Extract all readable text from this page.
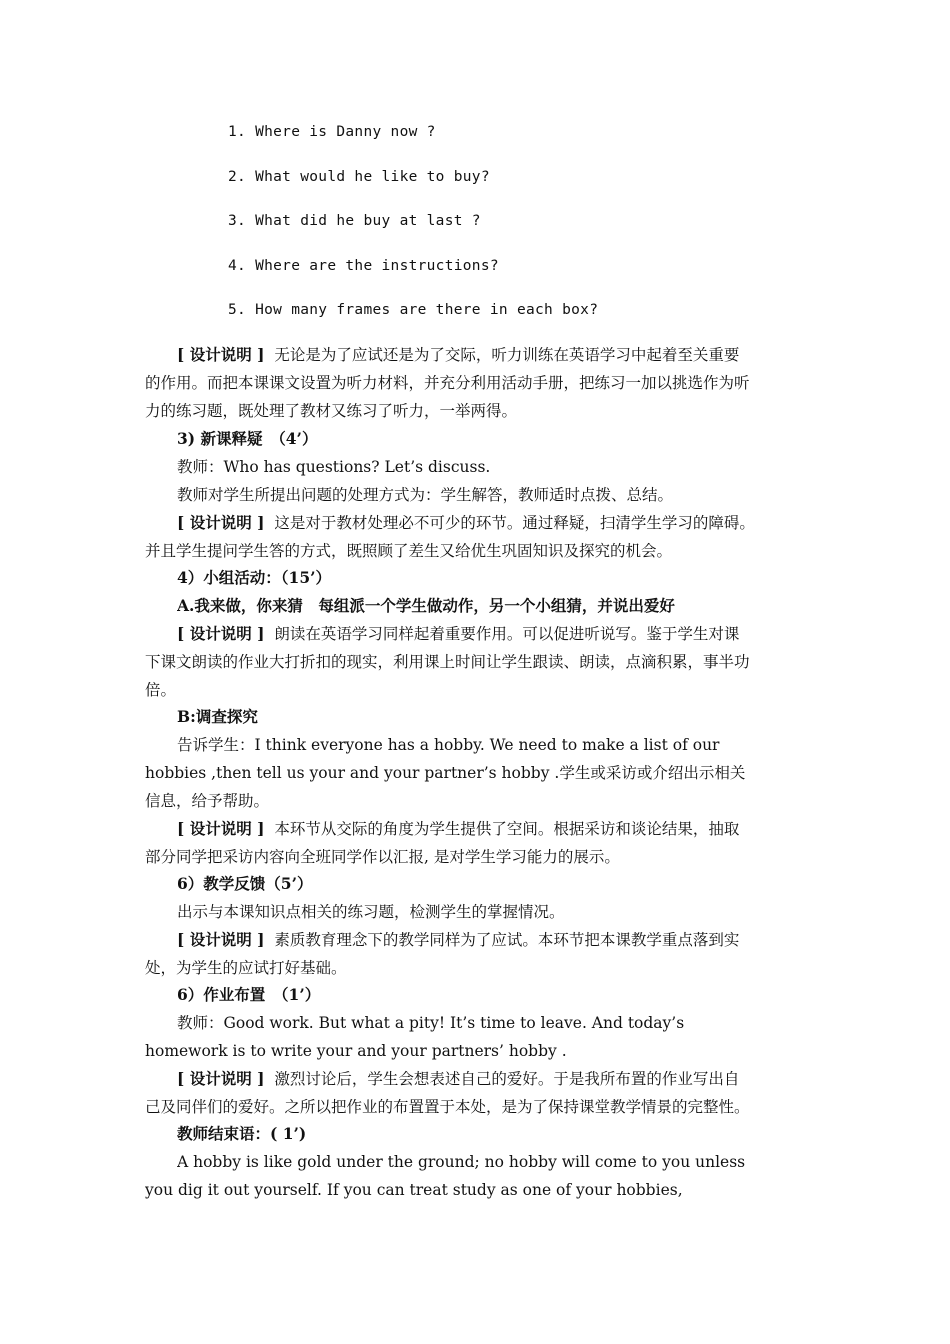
1. Where is Danny now ?
2. What would he like to buy?
3. What did he buy at last ?
4. Where are the instructions?
5. How many frames are there in each box?
[ 设计说明 ] 无论是为了应试还是为了交际，听力训练在英语学习中起着至关重要
的作用。而把本课课文设置为听力材料，并充分利用活动手册，把练习一加以挑选作为听
力的练习题，既处理了教材又练习了听力，一举两得。
3) 新课释疑　（4’）
教师：Who has questions? Let’s discuss.
教师对学生所提出问题的处理方式为：学生解答，教师适时点拨、总结。
[ 设计说明 ] 这是对于教材处理必不可少的环节。通过释疑，扫清学生学习的障碍。
并且学生提问学生答的方式，既照顾了差生又给优生巩固知识及探究的机会。
4）小组活动：（15’）
A.我来做，你来猜　每组派一个学生做动作，另一个小组猜，并说出爱好
[ 设计说明 ] 朗读在英语学习同样起着重要作用。可以促进听说写。鉴于学生对课
下课文朗读的作业大打折扣的现实，利用课上时间让学生跟读、朗读，点滴积累，事半功
倍。
B:调查探究
告诉学生：I think everyone has a hobby. We need to make a list of our
hobbies ,then tell us your and your partner’s hobby .学生或采访或介绍出示相关
信息，给予帮助。
[ 设计说明 ] 本环节从交际的角度为学生提供了空间。根据采访和谈论结果，抽取
部分同学把采访内容向全班同学作以汇报, 是对学生学习能力的展示。
6）教学反馈（5’）
出示与本课知识点相关的练习题，检测学生的掌握情况。
[ 设计说明 ] 素质教育理念下的教学同样为了应试。本环节把本课教学重点落到实
处，为学生的应试打好基础。
6）作业布置　（1’）
教师：Good work. But what a pity! It’s time to leave. And today’s
homework is to write your and your partners’ hobby .
[ 设计说明 ] 激烈讨论后，学生会想表述自己的爱好。于是我所布置的作业写出自
己及同伴们的爱好。之所以把作业的布置置于本处，是为了保持课堂教学情景的完整性。
教师结束语：( 1’)
A hobby is like gold under the ground; no hobby will come to you unless
you dig it out yourself. If you can treat study as one of your hobbies,
